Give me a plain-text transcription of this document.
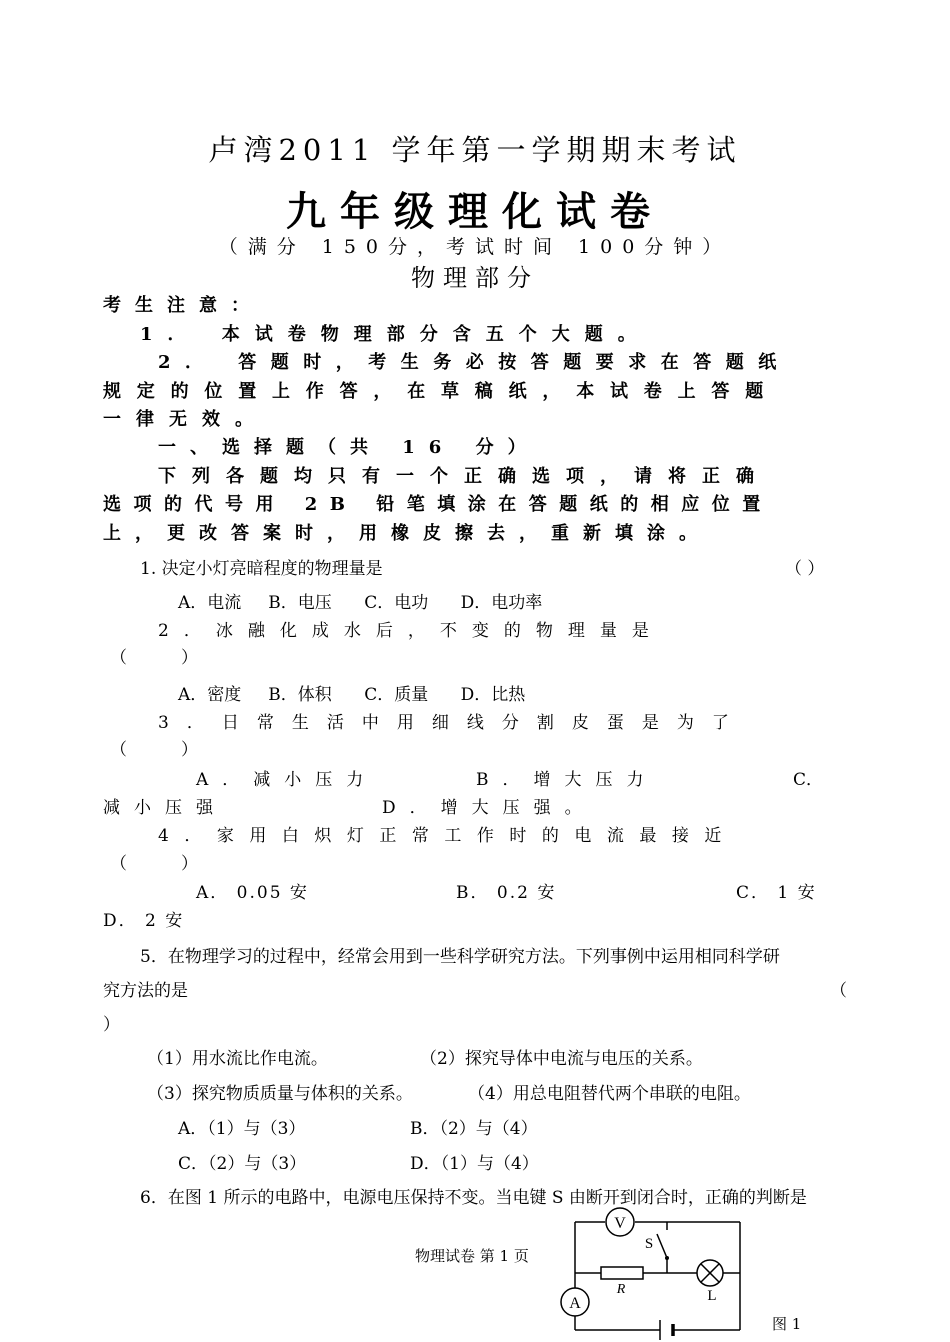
卢湾2011 学年第一学期期末考试
九年级理化试卷
（满分 150分，考试时间 100分钟）
物理部分
考生注意：
1． 本试卷物理部分含五个大题。
2． 答题时，考生务必按答题要求在答题纸
规定的位置上作答，在草稿纸，本试卷上答题
一律无效。
一、选择题（共 16 分）
下列各题均只有一个正确选项，请将正确
选项的代号用 2B 铅笔填涂在答题纸的相应位置
上，更改答案时，用橡皮擦去，重新填涂。
1. 决定小灯亮暗程度的物理量是	（ ）
A．电流     B．电压      C．电功      D．电功率
2．冰融化成水后，不变的物理量是
（          ）
A．密度     B．体积      C．质量      D．比热
3．日常生活中用细线分割皮蛋是为了
（          ）
A．减小压力	B．增大压力	C．
减小压强	D．增大压强。
4．家用白炽灯正常工作时的电流最接近
（          ）
A． 0.05 安	B． 0.2 安	C． 1 安
D． 2 安
5．在物理学习的过程中，经常会用到一些科学研究方法。下列事例中运用相同科学研
究方法的是	（
）
（1）用水流比作电流。	（2）探究导体中电流与电压的关系。
（3）探究物质质量与体积的关系。	（4）用总电阻替代两个串联的电阻。
A．（1）与（3）	B．（2）与（4）
C．（2）与（3）	D．（1）与（4）
6．在图 1 所示的电路中，电源电压保持不变。当电键 S 由断开到闭合时，正确的判断是
物理试卷 第 1 页
V
A
S
R	L
图 1
